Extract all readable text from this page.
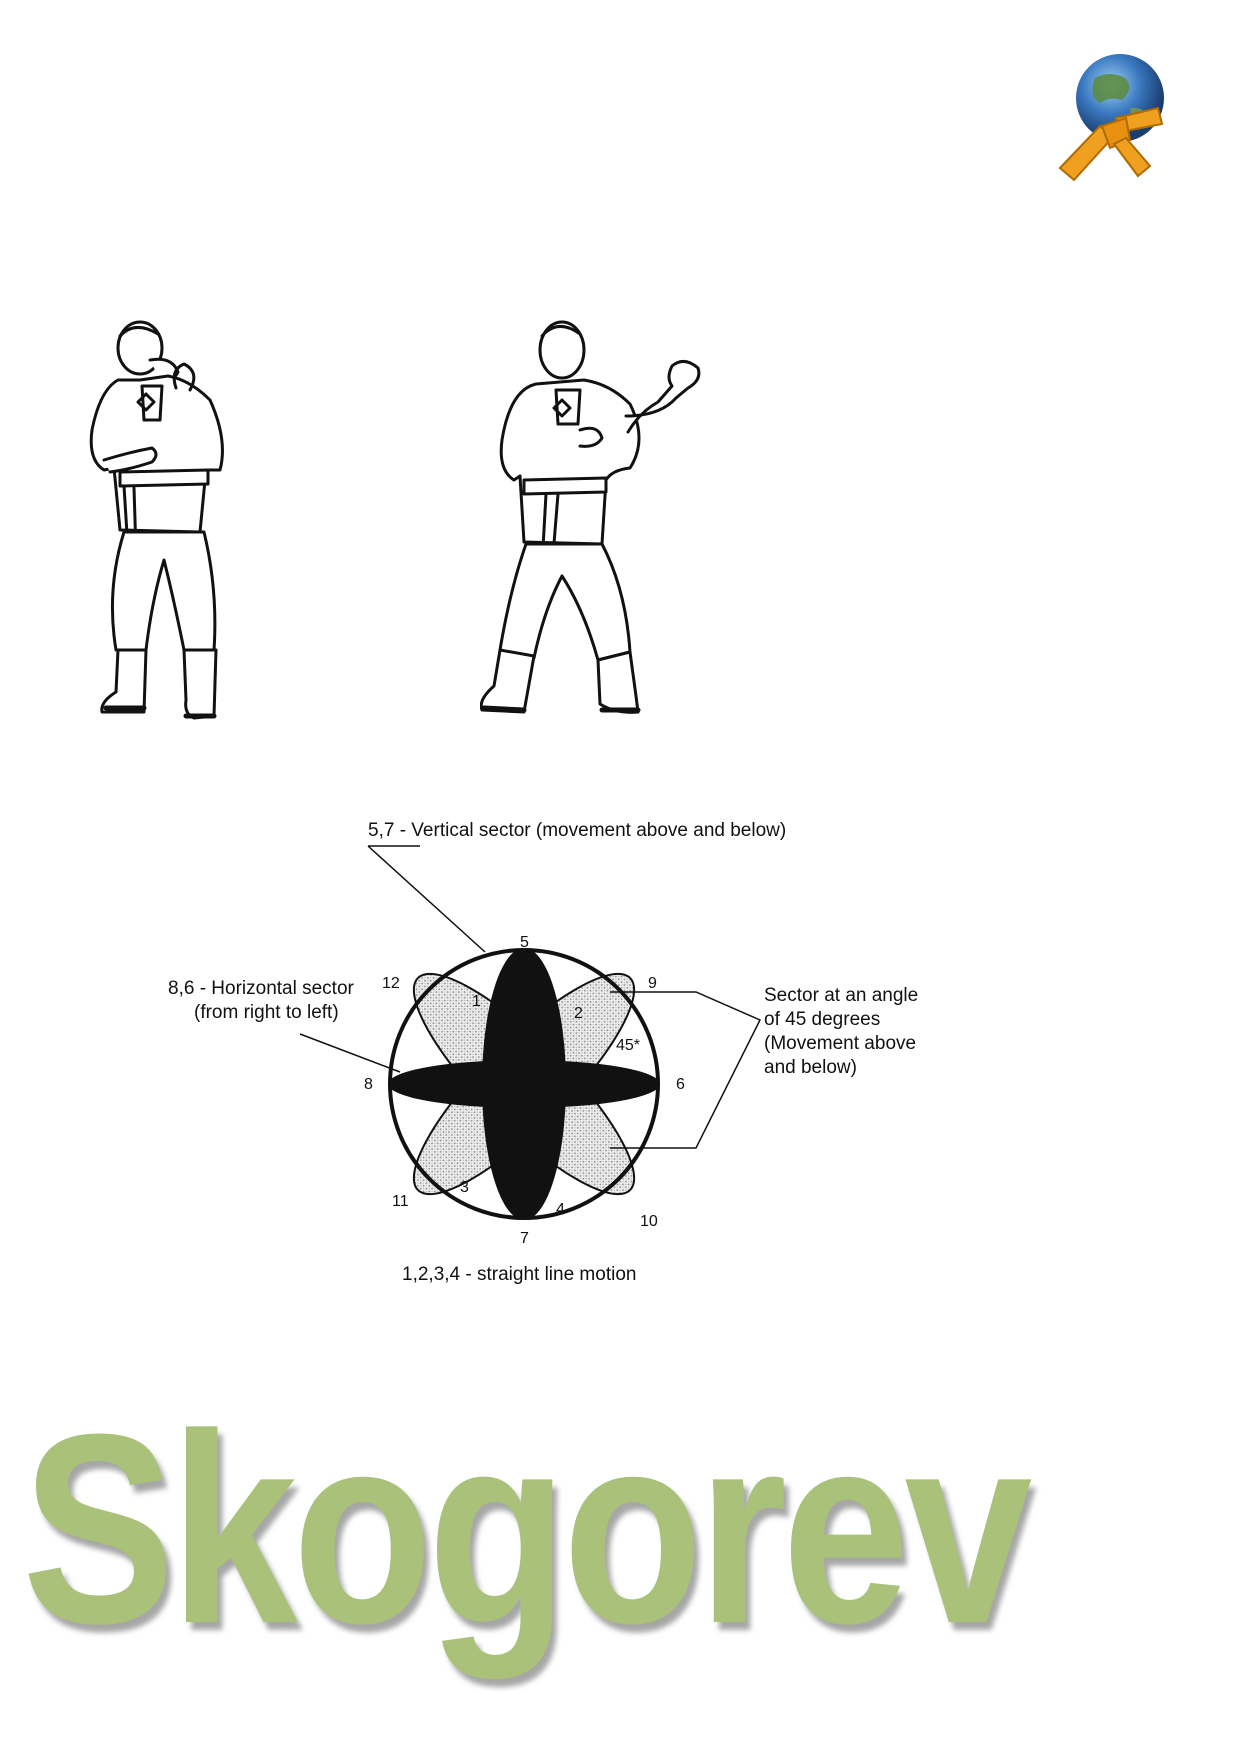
5,7 - Vertical sector (movement above and below)
5
7
8	6
12	9
11
10
1
2
3
4
45*
8,6 - Horizontal sector
(from right to left)
Sector at an angle
of 45 degrees
(Movement above
and below)
1,2,3,4 - straight line motion
Skogorev
